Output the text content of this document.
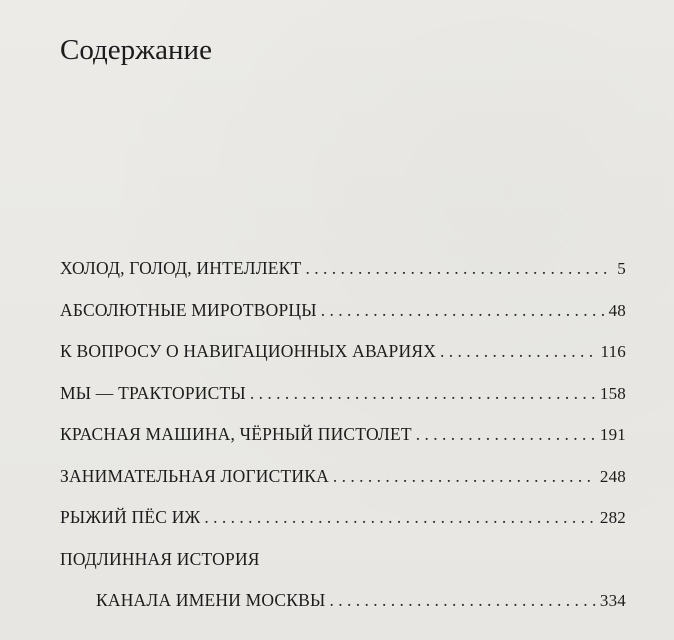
Содержание
ХОЛОД, ГОЛОД, ИНТЕЛЛЕКТ . . .	5
АБСОЛЮТНЫЕ МИРОТВОРЦЫ . . .	48
К ВОПРОСУ О НАВИГАЦИОННЫХ АВАРИЯХ . . .	116
МЫ — ТРАКТОРИСТЫ . . .	158
КРАСНАЯ МАШИНА, ЧЁРНЫЙ ПИСТОЛЕТ . . .	191
ЗАНИМАТЕЛЬНАЯ ЛОГИСТИКА . . .	248
РЫЖИЙ ПЁС ИЖ . . .	282
ПОДЛИННАЯ ИСТОРИЯ
КАНАЛА ИМЕНИ МОСКВЫ . . .	334
